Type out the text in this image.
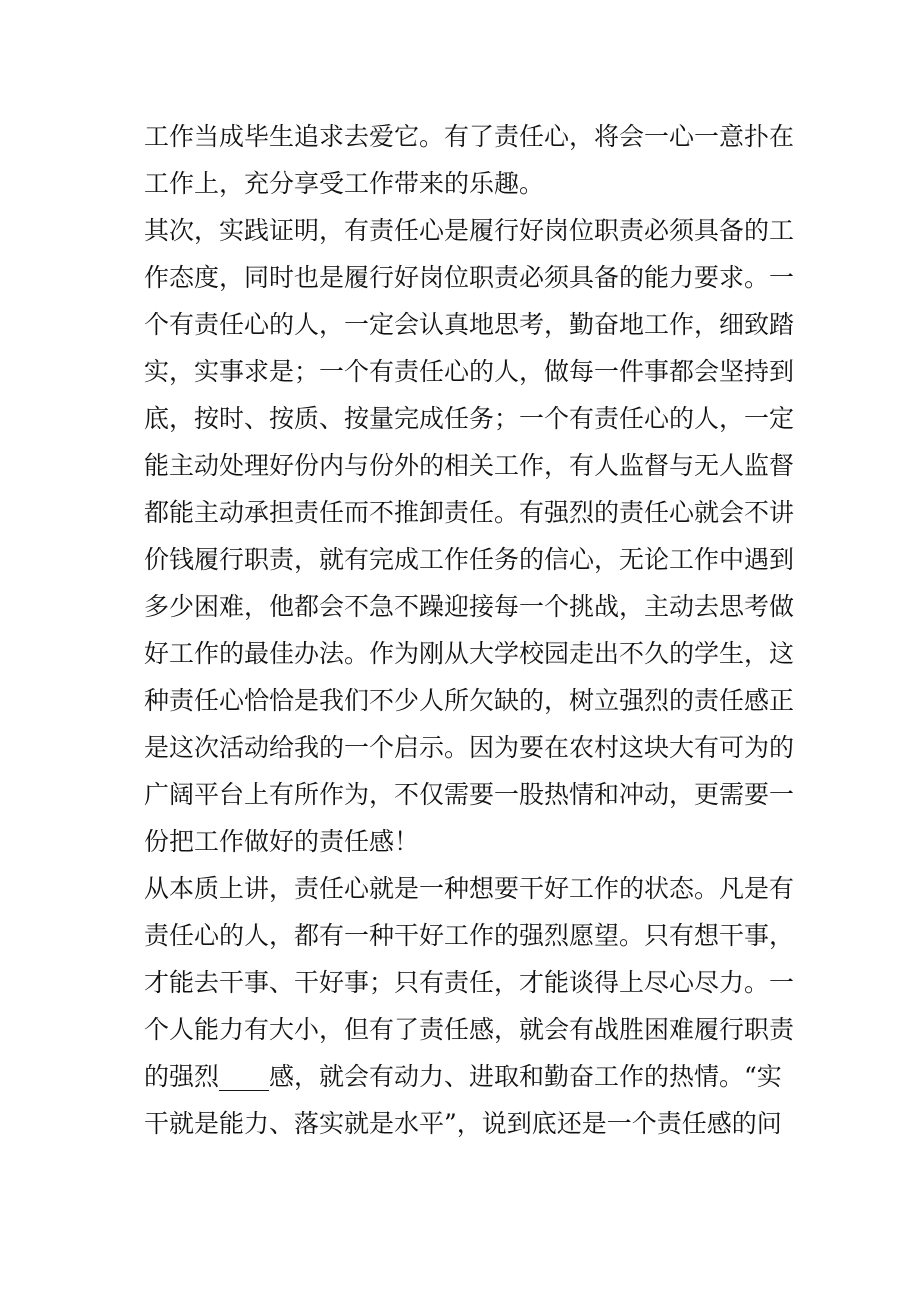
工作当成毕生追求去爱它。有了责任心，将会一心一意扑在
工作上，充分享受工作带来的乐趣。
其次，实践证明，有责任心是履行好岗位职责必须具备的工
作态度，同时也是履行好岗位职责必须具备的能力要求。一
个有责任心的人，一定会认真地思考，勤奋地工作，细致踏
实，实事求是；一个有责任心的人，做每一件事都会坚持到
底，按时、按质、按量完成任务；一个有责任心的人，一定
能主动处理好份内与份外的相关工作，有人监督与无人监督
都能主动承担责任而不推卸责任。有强烈的责任心就会不讲
价钱履行职责，就有完成工作任务的信心，无论工作中遇到
多少困难，他都会不急不躁迎接每一个挑战，主动去思考做
好工作的最佳办法。作为刚从大学校园走出不久的学生，这
种责任心恰恰是我们不少人所欠缺的，树立强烈的责任感正
是这次活动给我的一个启示。因为要在农村这块大有可为的
广阔平台上有所作为，不仅需要一股热情和冲动，更需要一
份把工作做好的责任感！
从本质上讲，责任心就是一种想要干好工作的状态。凡是有
责任心的人，都有一种干好工作的强烈愿望。只有想干事，
才能去干事、干好事；只有责任，才能谈得上尽心尽力。一
个人能力有大小，但有了责任感，就会有战胜困难履行职责
的强烈____感，就会有动力、进取和勤奋工作的热情。“实
干就是能力、落实就是水平”，说到底还是一个责任感的问
